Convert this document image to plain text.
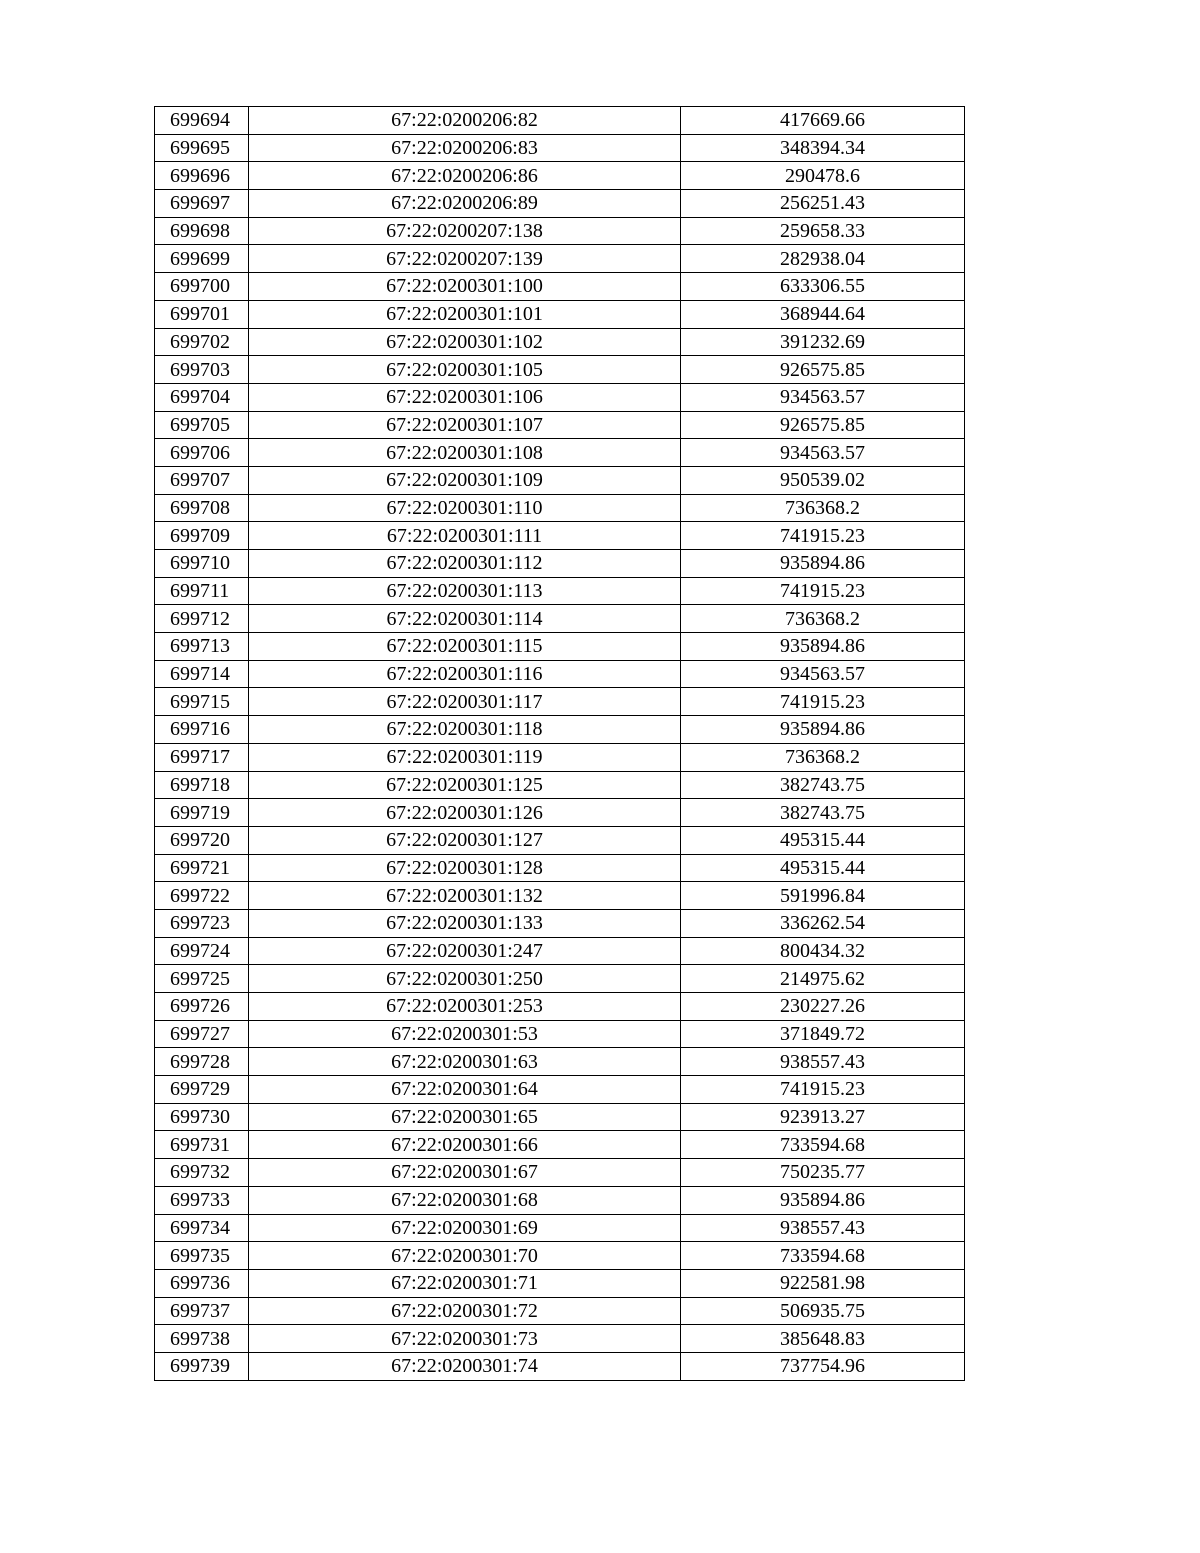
699694	67:22:0200206:82	417669.66
699695	67:22:0200206:83	348394.34
699696	67:22:0200206:86	290478.6
699697	67:22:0200206:89	256251.43
699698	67:22:0200207:138	259658.33
699699	67:22:0200207:139	282938.04
699700	67:22:0200301:100	633306.55
699701	67:22:0200301:101	368944.64
699702	67:22:0200301:102	391232.69
699703	67:22:0200301:105	926575.85
699704	67:22:0200301:106	934563.57
699705	67:22:0200301:107	926575.85
699706	67:22:0200301:108	934563.57
699707	67:22:0200301:109	950539.02
699708	67:22:0200301:110	736368.2
699709	67:22:0200301:111	741915.23
699710	67:22:0200301:112	935894.86
699711	67:22:0200301:113	741915.23
699712	67:22:0200301:114	736368.2
699713	67:22:0200301:115	935894.86
699714	67:22:0200301:116	934563.57
699715	67:22:0200301:117	741915.23
699716	67:22:0200301:118	935894.86
699717	67:22:0200301:119	736368.2
699718	67:22:0200301:125	382743.75
699719	67:22:0200301:126	382743.75
699720	67:22:0200301:127	495315.44
699721	67:22:0200301:128	495315.44
699722	67:22:0200301:132	591996.84
699723	67:22:0200301:133	336262.54
699724	67:22:0200301:247	800434.32
699725	67:22:0200301:250	214975.62
699726	67:22:0200301:253	230227.26
699727	67:22:0200301:53	371849.72
699728	67:22:0200301:63	938557.43
699729	67:22:0200301:64	741915.23
699730	67:22:0200301:65	923913.27
699731	67:22:0200301:66	733594.68
699732	67:22:0200301:67	750235.77
699733	67:22:0200301:68	935894.86
699734	67:22:0200301:69	938557.43
699735	67:22:0200301:70	733594.68
699736	67:22:0200301:71	922581.98
699737	67:22:0200301:72	506935.75
699738	67:22:0200301:73	385648.83
699739	67:22:0200301:74	737754.96
